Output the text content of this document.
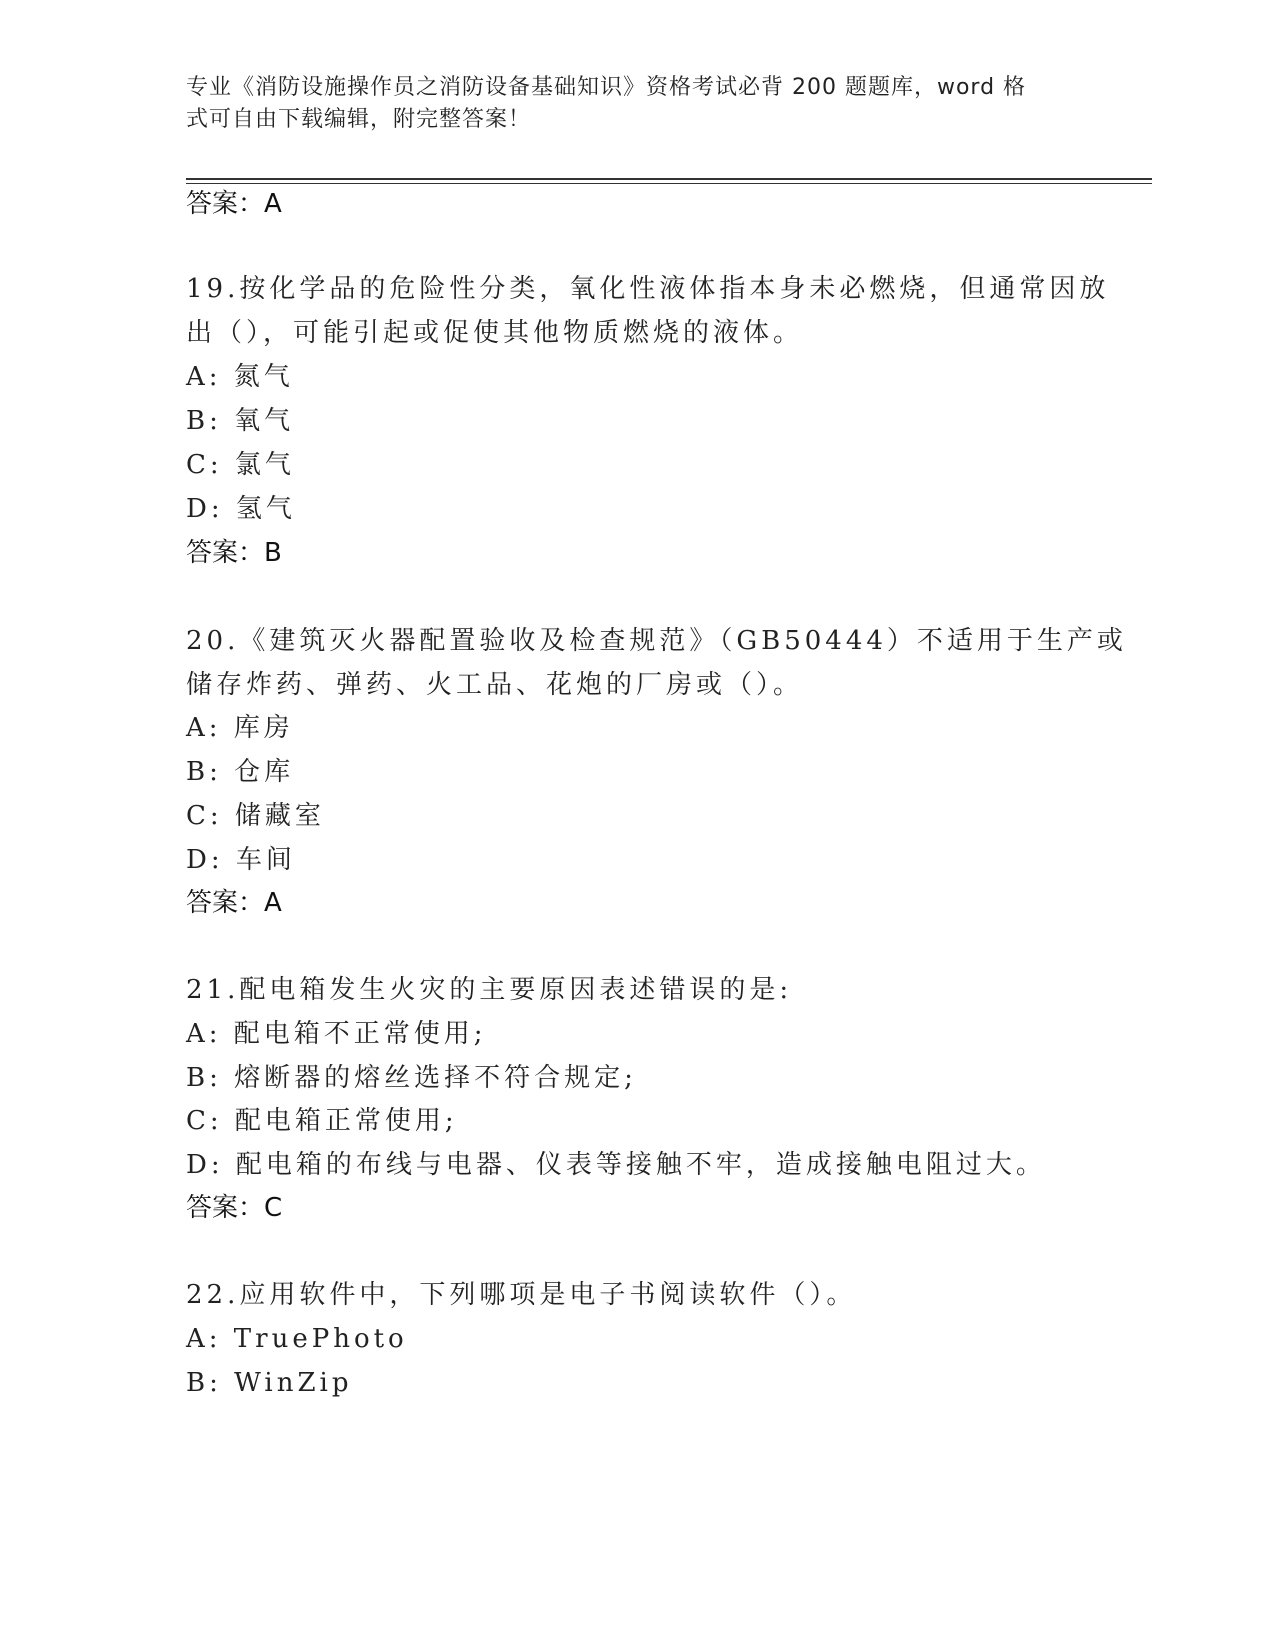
专业《消防设施操作员之消防设备基础知识》资格考试必背 200 题题库，word 格
式可自由下载编辑，附完整答案！
答案：A
19.按化学品的危险性分类，氧化性液体指本身未必燃烧，但通常因放
出（），可能引起或促使其他物质燃烧的液体。
A: 氮气
B: 氧气
C: 氯气
D: 氢气
答案：B
20.《建筑灭火器配置验收及检查规范》（GB50444）不适用于生产或
储存炸药、弹药、火工品、花炮的厂房或（）。
A: 库房
B: 仓库
C: 储藏室
D: 车间
答案：A
21.配电箱发生火灾的主要原因表述错误的是:
A: 配电箱不正常使用;
B: 熔断器的熔丝选择不符合规定;
C: 配电箱正常使用;
D: 配电箱的布线与电器、仪表等接触不牢，造成接触电阻过大。
答案：C
22.应用软件中，下列哪项是电子书阅读软件（）。
A: TruePhoto
B: WinZip
